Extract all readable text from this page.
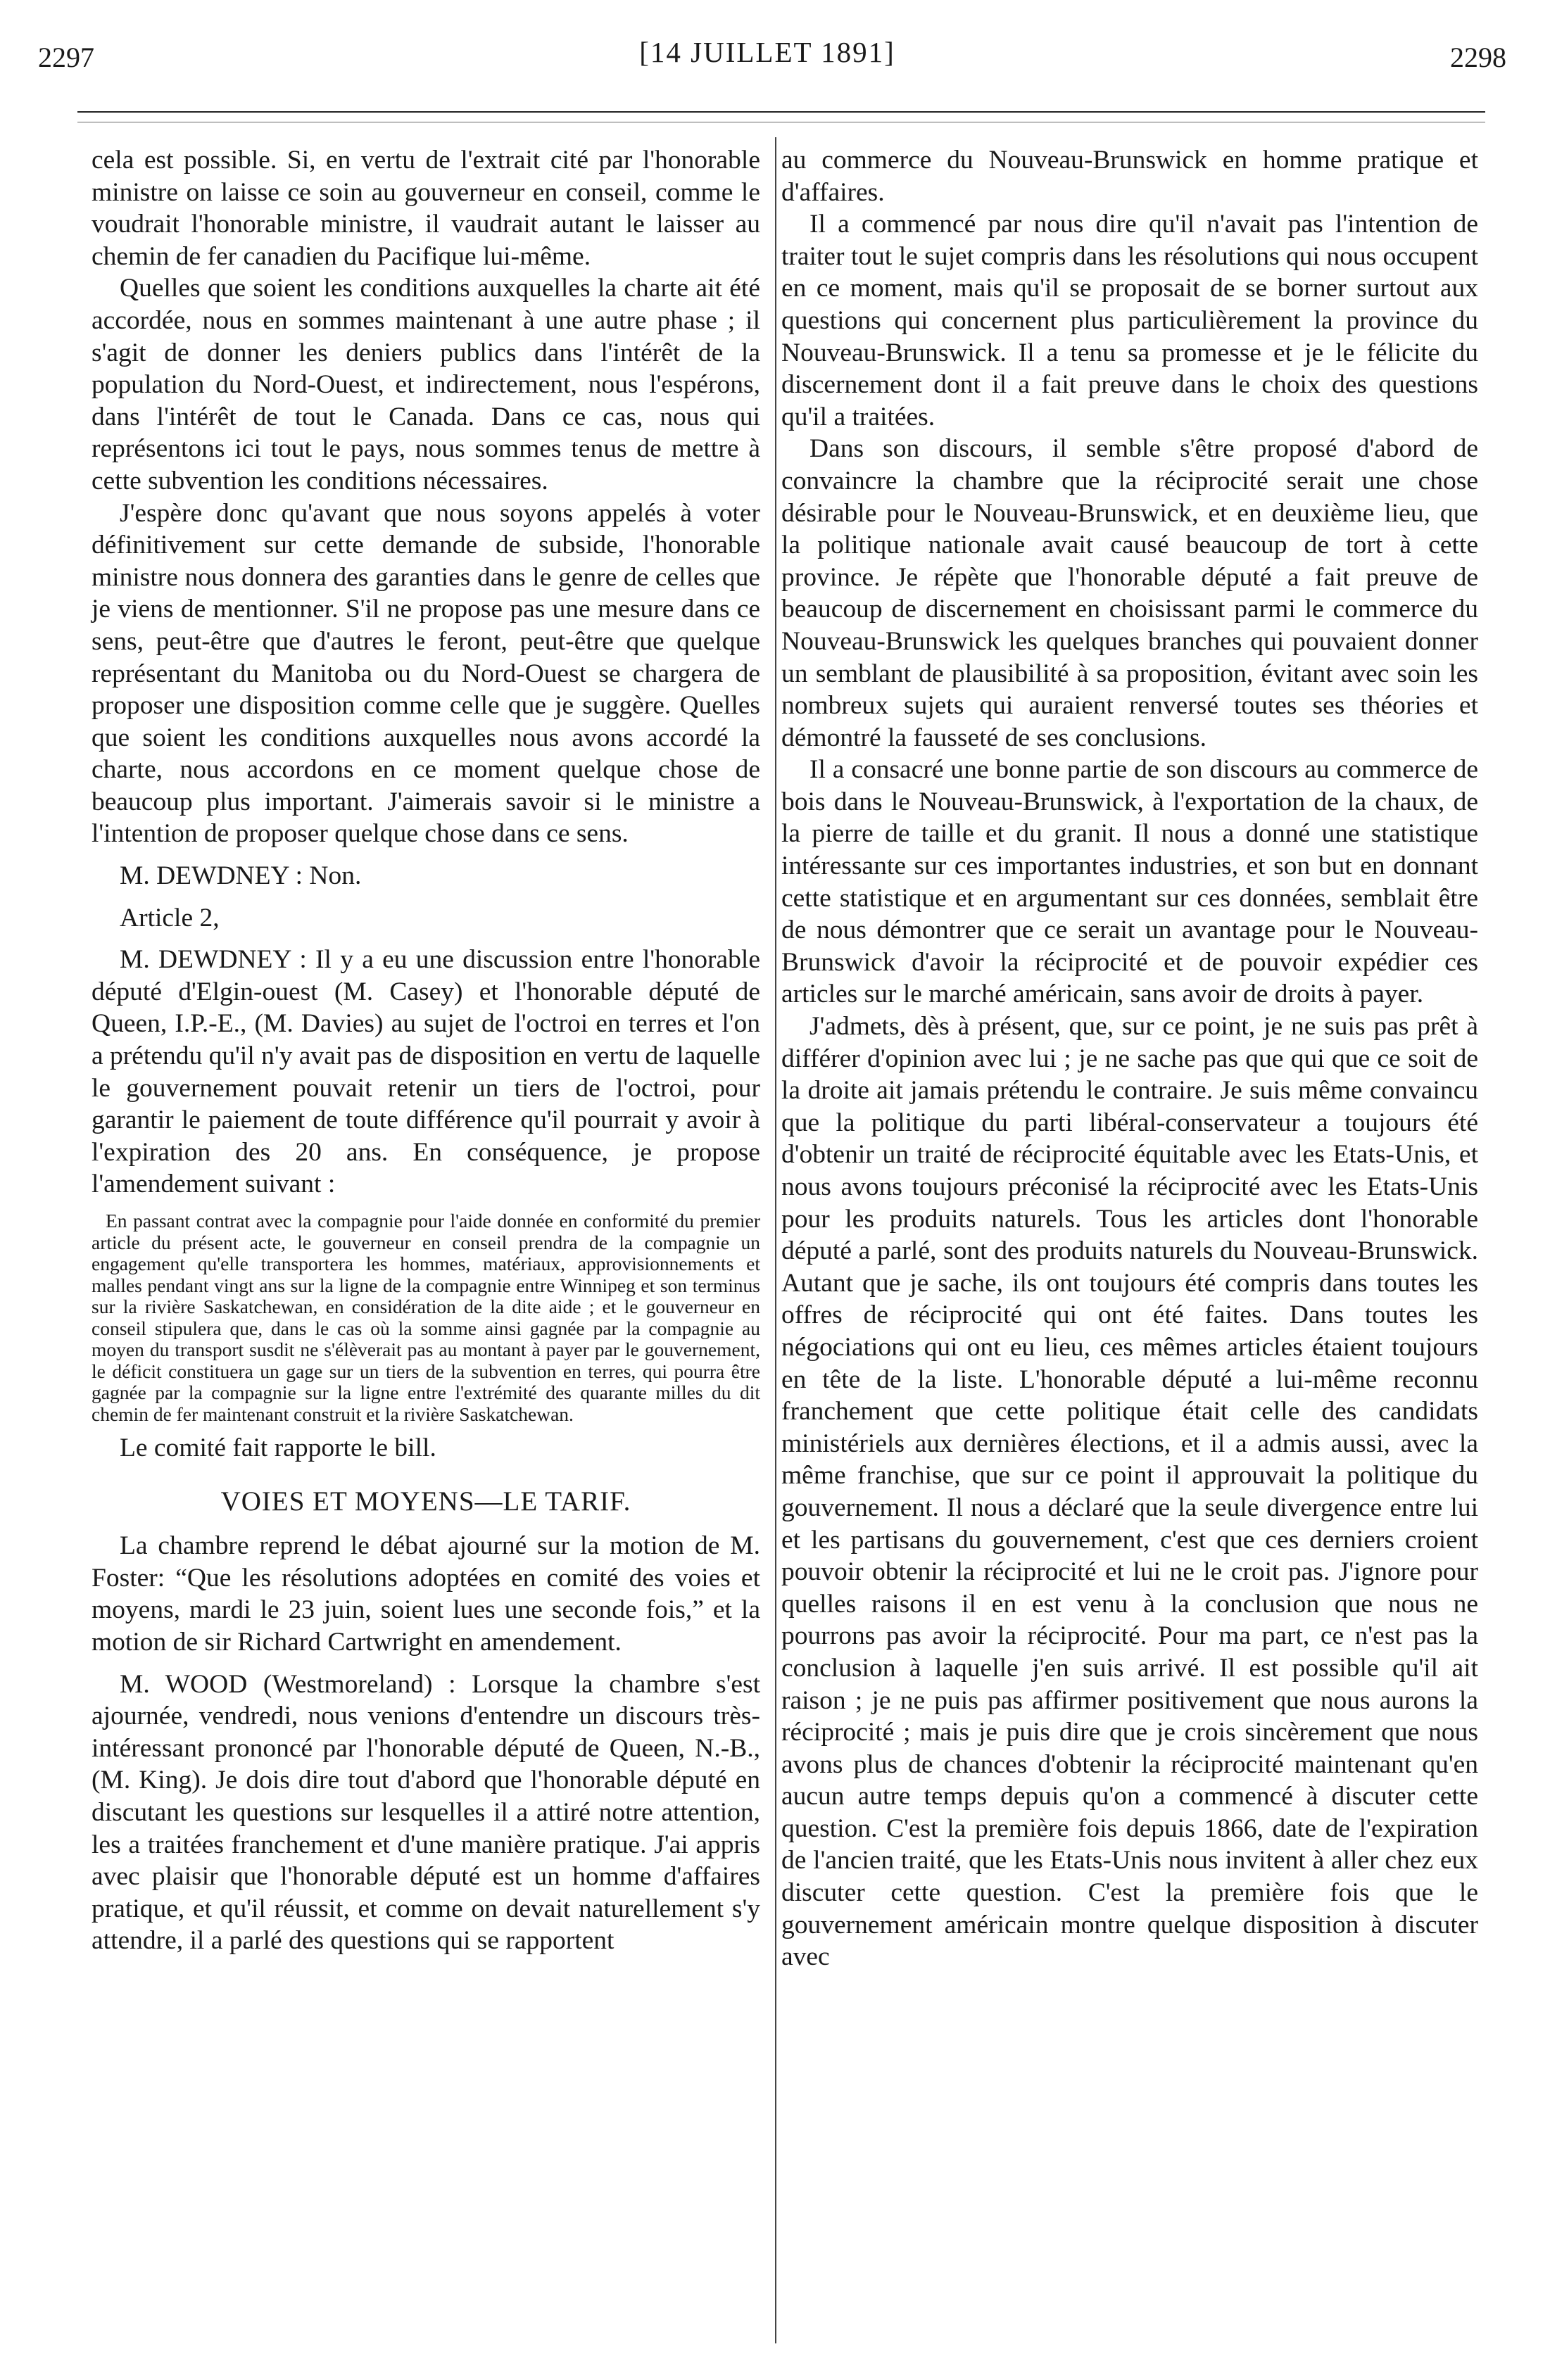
2297	[14 JUILLET 1891]	2298

cela est possible. Si, en vertu de l'extrait cité par l'honorable ministre on laisse ce soin au gouverneur en conseil, comme le voudrait l'honorable ministre, il vaudrait autant le laisser au chemin de fer canadien du Pacifique lui-même.

Quelles que soient les conditions auxquelles la charte ait été accordée, nous en sommes maintenant à une autre phase ; il s'agit de donner les deniers publics dans l'intérêt de la population du Nord-Ouest, et indirectement, nous l'espérons, dans l'intérêt de tout le Canada. Dans ce cas, nous qui représentons ici tout le pays, nous sommes tenus de mettre à cette subvention les conditions nécessaires.

J'espère donc qu'avant que nous soyons appelés à voter définitivement sur cette demande de subside, l'honorable ministre nous donnera des garanties dans le genre de celles que je viens de mentionner. S'il ne propose pas une mesure dans ce sens, peut-être que d'autres le feront, peut-être que quelque représentant du Manitoba ou du Nord-Ouest se chargera de proposer une disposition comme celle que je suggère. Quelles que soient les conditions auxquelles nous avons accordé la charte, nous accordons en ce moment quelque chose de beaucoup plus important. J'aimerais savoir si le ministre a l'intention de proposer quelque chose dans ce sens.

M. DEWDNEY : Non.

Article 2,

M. DEWDNEY : Il y a eu une discussion entre l'honorable député d'Elgin-ouest (M. Casey) et l'honorable député de Queen, I.P.-E., (M. Davies) au sujet de l'octroi en terres et l'on a prétendu qu'il n'y avait pas de disposition en vertu de laquelle le gouvernement pouvait retenir un tiers de l'octroi, pour garantir le paiement de toute différence qu'il pourrait y avoir à l'expiration des 20 ans. En conséquence, je propose l'amendement suivant :

En passant contrat avec la compagnie pour l'aide donnée en conformité du premier article du présent acte, le gouverneur en conseil prendra de la compagnie un engagement qu'elle transportera les hommes, matériaux, approvisionnements et malles pendant vingt ans sur la ligne de la compagnie entre Winnipeg et son terminus sur la rivière Saskatchewan, en considération de la dite aide ; et le gouverneur en conseil stipulera que, dans le cas où la somme ainsi gagnée par la compagnie au moyen du transport susdit ne s'élèverait pas au montant à payer par le gouvernement, le déficit constituera un gage sur un tiers de la subvention en terres, qui pourra être gagnée par la compagnie sur la ligne entre l'extrémité des quarante milles du dit chemin de fer maintenant construit et la rivière Saskatchewan.

Le comité fait rapporte le bill.

VOIES ET MOYENS—LE TARIF.

La chambre reprend le débat ajourné sur la motion de M. Foster: “Que les résolutions adoptées en comité des voies et moyens, mardi le 23 juin, soient lues une seconde fois,” et la motion de sir Richard Cartwright en amendement.

M. WOOD (Westmoreland) : Lorsque la chambre s'est ajournée, vendredi, nous venions d'entendre un discours très-intéressant prononcé par l'honorable député de Queen, N.-B., (M. King). Je dois dire tout d'abord que l'honorable député en discutant les questions sur lesquelles il a attiré notre attention, les a traitées franchement et d'une manière pratique. J'ai appris avec plaisir que l'honorable député est un homme d'affaires pratique, et qu'il réussit, et comme on devait naturellement s'y attendre, il a parlé des questions qui se rapportent

au commerce du Nouveau-Brunswick en homme pratique et d'affaires.

Il a commencé par nous dire qu'il n'avait pas l'intention de traiter tout le sujet compris dans les résolutions qui nous occupent en ce moment, mais qu'il se proposait de se borner surtout aux questions qui concernent plus particulièrement la province du Nouveau-Brunswick. Il a tenu sa promesse et je le félicite du discernement dont il a fait preuve dans le choix des questions qu'il a traitées.

Dans son discours, il semble s'être proposé d'abord de convaincre la chambre que la réciprocité serait une chose désirable pour le Nouveau-Brunswick, et en deuxième lieu, que la politique nationale avait causé beaucoup de tort à cette province. Je répète que l'honorable député a fait preuve de beaucoup de discernement en choisissant parmi le commerce du Nouveau-Brunswick les quelques branches qui pouvaient donner un semblant de plausibilité à sa proposition, évitant avec soin les nombreux sujets qui auraient renversé toutes ses théories et démontré la fausseté de ses conclusions.

Il a consacré une bonne partie de son discours au commerce de bois dans le Nouveau-Brunswick, à l'exportation de la chaux, de la pierre de taille et du granit. Il nous a donné une statistique intéressante sur ces importantes industries, et son but en donnant cette statistique et en argumentant sur ces données, semblait être de nous démontrer que ce serait un avantage pour le Nouveau-Brunswick d'avoir la réciprocité et de pouvoir expédier ces articles sur le marché américain, sans avoir de droits à payer.

J'admets, dès à présent, que, sur ce point, je ne suis pas prêt à différer d'opinion avec lui ; je ne sache pas que qui que ce soit de la droite ait jamais prétendu le contraire. Je suis même convaincu que la politique du parti libéral-conservateur a toujours été d'obtenir un traité de réciprocité équitable avec les Etats-Unis, et nous avons toujours préconisé la réciprocité avec les Etats-Unis pour les produits naturels. Tous les articles dont l'honorable député a parlé, sont des produits naturels du Nouveau-Brunswick. Autant que je sache, ils ont toujours été compris dans toutes les offres de réciprocité qui ont été faites. Dans toutes les négociations qui ont eu lieu, ces mêmes articles étaient toujours en tête de la liste. L'honorable député a lui-même reconnu franchement que cette politique était celle des candidats ministériels aux dernières élections, et il a admis aussi, avec la même franchise, que sur ce point il approuvait la politique du gouvernement. Il nous a déclaré que la seule divergence entre lui et les partisans du gouvernement, c'est que ces derniers croient pouvoir obtenir la réciprocité et lui ne le croit pas. J'ignore pour quelles raisons il en est venu à la conclusion que nous ne pourrons pas avoir la réciprocité. Pour ma part, ce n'est pas la conclusion à laquelle j'en suis arrivé. Il est possible qu'il ait raison ; je ne puis pas affirmer positivement que nous aurons la réciprocité ; mais je puis dire que je crois sincèrement que nous avons plus de chances d'obtenir la réciprocité maintenant qu'en aucun autre temps depuis qu'on a commencé à discuter cette question. C'est la première fois depuis 1866, date de l'expiration de l'ancien traité, que les Etats-Unis nous invitent à aller chez eux discuter cette question. C'est la première fois que le gouvernement américain montre quelque disposition à discuter avec
